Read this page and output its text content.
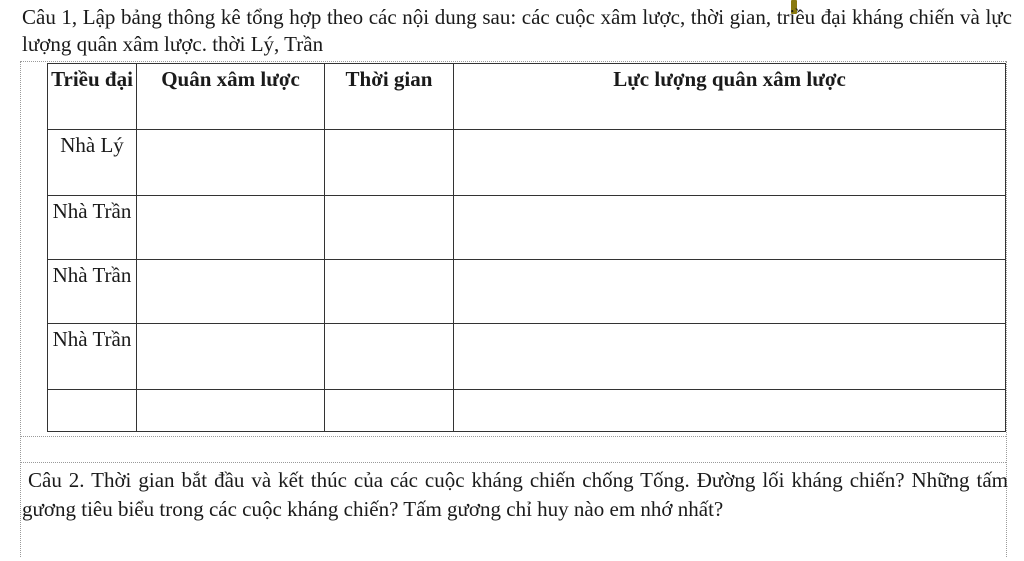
Câu 1, Lập bảng thông kê tổng hợp theo các nội dung sau: các cuộc xâm lược, thời gian, triều đại kháng chiến và lực lượng quân xâm lược. thời Lý, Trần
Triều đại	Quân xâm lược	Thời gian	Lực lượng quân xâm lược
Nhà Lý			
Nhà Trần			
Nhà Trần			
Nhà Trần			

Câu 2. Thời gian bắt đầu và kết thúc của các cuộc kháng chiến chống Tống. Đường lối kháng chiến? Những tấm gương tiêu biểu trong các cuộc kháng chiến? Tấm gương chỉ huy nào em nhớ nhất?
